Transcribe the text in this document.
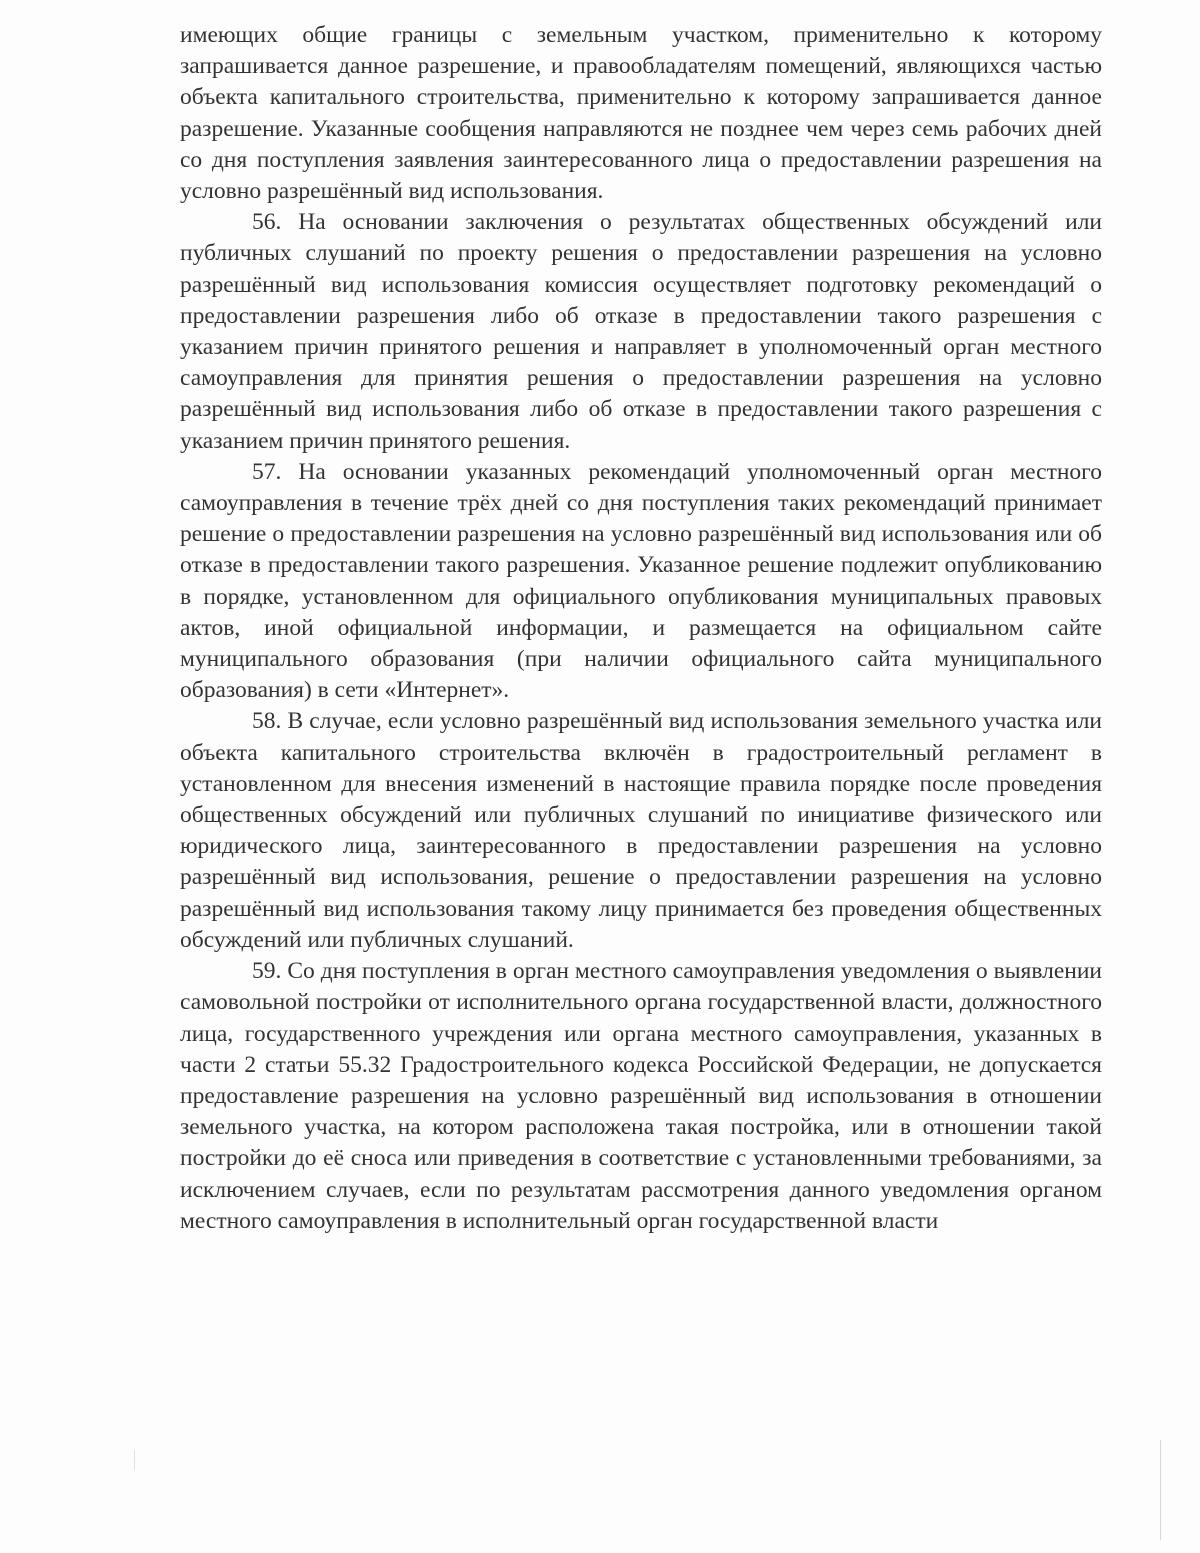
имеющих общие границы с земельным участком, применительно к которому запрашивается данное разрешение, и правообладателям помещений, являющихся частью объекта капитального строительства, применительно к которому запрашивается данное разрешение. Указанные сообщения направляются не позднее чем через семь рабочих дней со дня поступления заявления заинтересованного лица о предоставлении разрешения на условно разрешённый вид использования.

56. На основании заключения о результатах общественных обсуждений или публичных слушаний по проекту решения о предоставлении разрешения на условно разрешённый вид использования комиссия осуществляет подготовку рекомендаций о предоставлении разрешения либо об отказе в предоставлении такого разрешения с указанием причин принятого решения и направляет в уполномоченный орган местного самоуправления для принятия решения о предоставлении разрешения на условно разрешённый вид использования либо об отказе в предоставлении такого разрешения с указанием причин принятого решения.

57. На основании указанных рекомендаций уполномоченный орган местного самоуправления в течение трёх дней со дня поступления таких рекомендаций принимает решение о предоставлении разрешения на условно разрешённый вид использования или об отказе в предоставлении такого разрешения. Указанное решение подлежит опубликованию в порядке, установленном для официального опубликования муниципальных правовых актов, иной официальной информации, и размещается на официальном сайте муниципального образования (при наличии официального сайта муниципального образования) в сети «Интернет».

58. В случае, если условно разрешённый вид использования земельного участка или объекта капитального строительства включён в градостроительный регламент в установленном для внесения изменений в настоящие правила порядке после проведения общественных обсуждений или публичных слушаний по инициативе физического или юридического лица, заинтересованного в предоставлении разрешения на условно разрешённый вид использования, решение о предоставлении разрешения на условно разрешённый вид использования такому лицу принимается без проведения общественных обсуждений или публичных слушаний.

59. Со дня поступления в орган местного самоуправления уведомления о выявлении самовольной постройки от исполнительного органа государственной власти, должностного лица, государственного учреждения или органа местного самоуправления, указанных в части 2 статьи 55.32 Градостроительного кодекса Российской Федерации, не допускается предоставление разрешения на условно разрешённый вид использования в отношении земельного участка, на котором расположена такая постройка, или в отношении такой постройки до её сноса или приведения в соответствие с установленными требованиями, за исключением случаев, если по результатам рассмотрения данного уведомления органом местного самоуправления в исполнительный орган государственной власти
